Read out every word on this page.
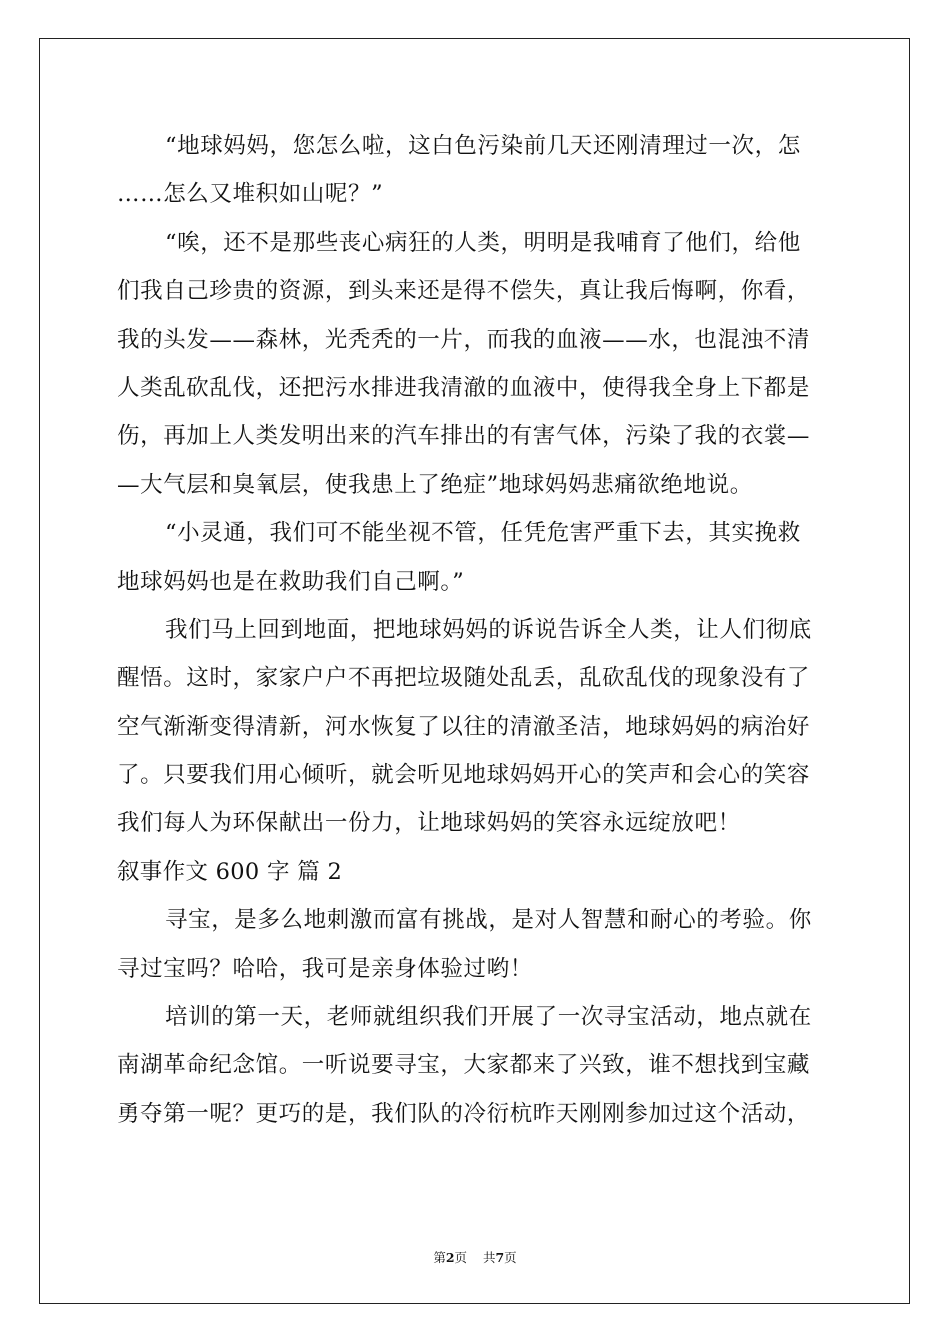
“地球妈妈，您怎么啦，这白色污染前几天还刚清理过一次，怎
……怎么又堆积如山呢？”
“唉，还不是那些丧心病狂的人类，明明是我哺育了他们，给他
们我自己珍贵的资源，到头来还是得不偿失，真让我后悔啊，你看，
我的头发——森林，光秃秃的一片，而我的血液——水，也混浊不清
人类乱砍乱伐，还把污水排进我清澈的血液中，使得我全身上下都是
伤，再加上人类发明出来的汽车排出的有害气体，污染了我的衣裳—
—大气层和臭氧层，使我患上了绝症”地球妈妈悲痛欲绝地说。
“小灵通，我们可不能坐视不管，任凭危害严重下去，其实挽救
地球妈妈也是在救助我们自己啊。”
我们马上回到地面，把地球妈妈的诉说告诉全人类，让人们彻底
醒悟。这时，家家户户不再把垃圾随处乱丢，乱砍乱伐的现象没有了
空气渐渐变得清新，河水恢复了以往的清澈圣洁，地球妈妈的病治好
了。只要我们用心倾听，就会听见地球妈妈开心的笑声和会心的笑容
我们每人为环保献出一份力，让地球妈妈的笑容永远绽放吧！
叙事作文 600 字 篇 2
寻宝，是多么地刺激而富有挑战，是对人智慧和耐心的考验。你
寻过宝吗？哈哈，我可是亲身体验过哟！
培训的第一天，老师就组织我们开展了一次寻宝活动，地点就在
南湖革命纪念馆。一听说要寻宝，大家都来了兴致，谁不想找到宝藏
勇夺第一呢？更巧的是，我们队的冷衍杭昨天刚刚参加过这个活动，
第2页 共7页
